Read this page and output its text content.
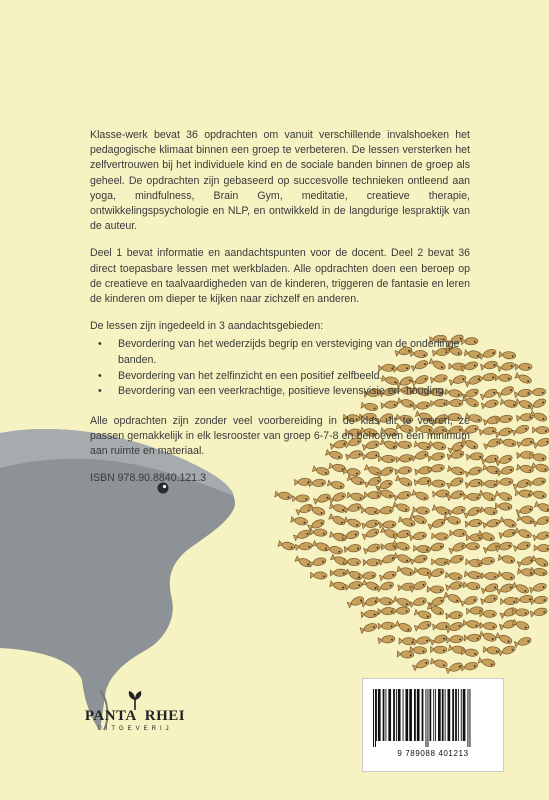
Klasse-werk bevat 36 opdrachten om vanuit verschillende invalshoeken het pedagogische klimaat binnen een groep te verbeteren. De lessen versterken het zelfvertrouwen bij het individuele kind en de sociale banden binnen de groep als geheel. De opdrachten zijn gebaseerd op succesvolle technieken ontleend aan yoga, mindfulness, Brain Gym, meditatie, creatieve therapie, ontwikkelingspsychologie en NLP, en ontwikkeld in de langdurige lespraktijk van de auteur.

Deel 1 bevat informatie en aandachtspunten voor de docent. Deel 2 bevat 36 direct toepasbare lessen met werkbladen. Alle opdrachten doen een beroep op de creatieve en taalvaardigheden van de kinderen, triggeren de fantasie en leren de kinderen om dieper te kijken naar zichzelf en anderen.

De lessen zijn ingedeeld in 3 aandachtsgebieden:

• Bevordering van het wederzijds begrip en versteviging van de onderlinge banden.
• Bevordering van het zelfinzicht en een positief zelfbeeld.
• Bevordering van een veerkrachtige, positieve levensvisie en -houding.

Alle opdrachten zijn zonder veel voorbereiding in de klas uit te voeren, ze passen gemakkelijk in elk lesrooster van groep 6-7-8 en behoeven een minimum aan ruimte en materiaal.

ISBN 978.90.8840.121.3

PANTA RHEI
UITGEVERIJ
9 789088 401213
